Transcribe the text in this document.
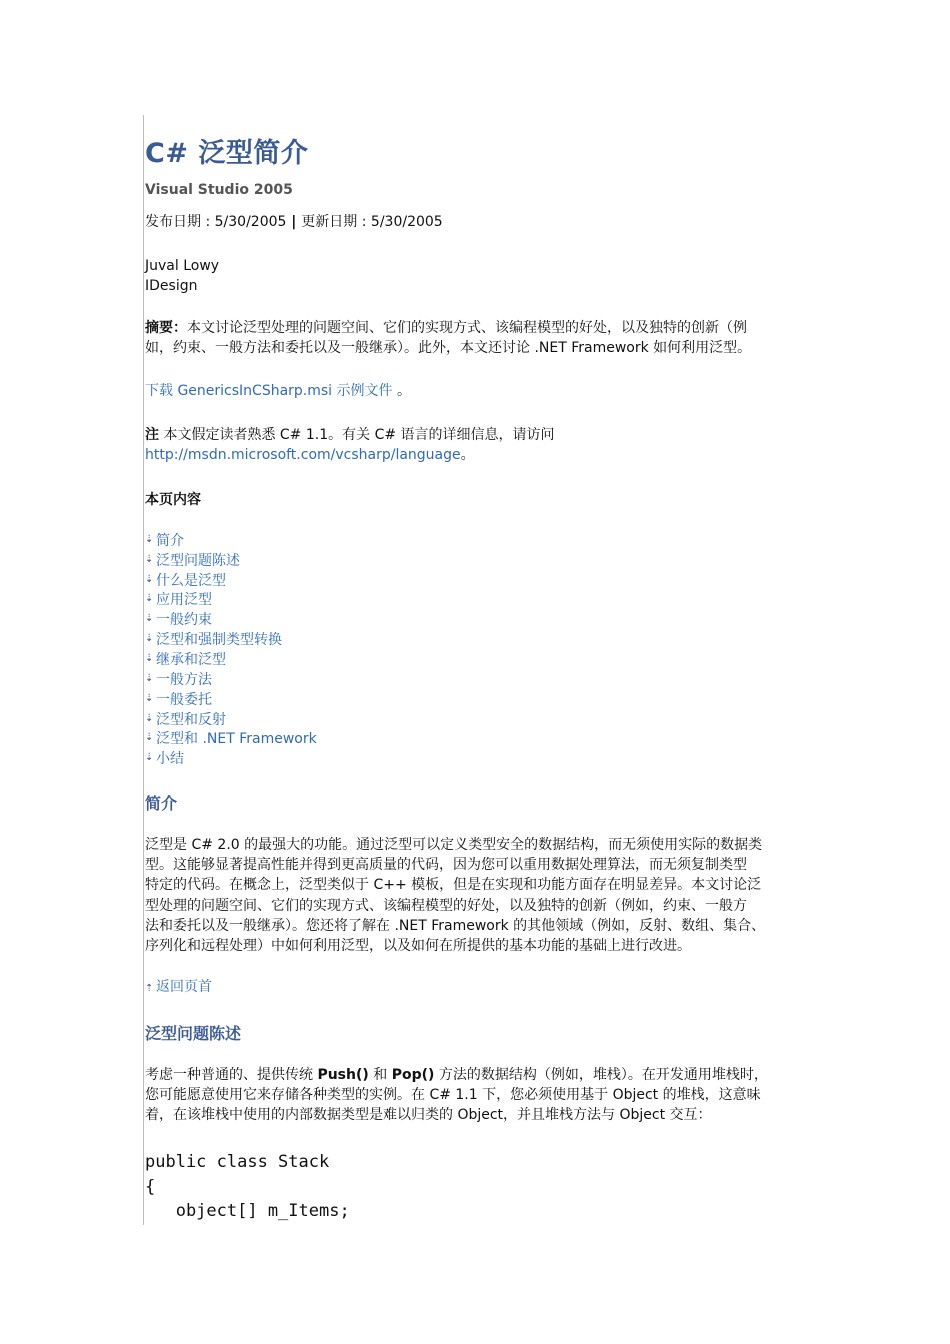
C# 泛型简介
Visual Studio 2005
发布日期 : 5/30/2005 | 更新日期 : 5/30/2005
Juval Lowy
IDesign
摘要：本文讨论泛型处理的问题空间、它们的实现方式、该编程模型的好处，以及独特的创新（例
如，约束、一般方法和委托以及一般继承）。此外，本文还讨论 .NET Framework 如何利用泛型。
下载 GenericsInCSharp.msi 示例文件 。
注 本文假定读者熟悉 C# 1.1。有关 C# 语言的详细信息，请访问
http://msdn.microsoft.com/vcsharp/language。
本页内容
⇣ 简介
⇣ 泛型问题陈述
⇣ 什么是泛型
⇣ 应用泛型
⇣ 一般约束
⇣ 泛型和强制类型转换
⇣ 继承和泛型
⇣ 一般方法
⇣ 一般委托
⇣ 泛型和反射
⇣ 泛型和 .NET Framework
⇣ 小结
简介
泛型是 C# 2.0 的最强大的功能。通过泛型可以定义类型安全的数据结构，而无须使用实际的数据类
型。这能够显著提高性能并得到更高质量的代码，因为您可以重用数据处理算法，而无须复制类型
特定的代码。在概念上，泛型类似于 C++ 模板，但是在实现和功能方面存在明显差异。本文讨论泛
型处理的问题空间、它们的实现方式、该编程模型的好处，以及独特的创新（例如，约束、一般方
法和委托以及一般继承）。您还将了解在 .NET Framework 的其他领域（例如，反射、数组、集合、
序列化和远程处理）中如何利用泛型，以及如何在所提供的基本功能的基础上进行改进。
⇡ 返回页首
泛型问题陈述
考虑一种普通的、提供传统 Push() 和 Pop() 方法的数据结构（例如，堆栈）。在开发通用堆栈时，
您可能愿意使用它来存储各种类型的实例。在 C# 1.1 下，您必须使用基于 Object 的堆栈，这意味
着，在该堆栈中使用的内部数据类型是难以归类的 Object，并且堆栈方法与 Object 交互：
public class Stack
{
object[] m_Items;
